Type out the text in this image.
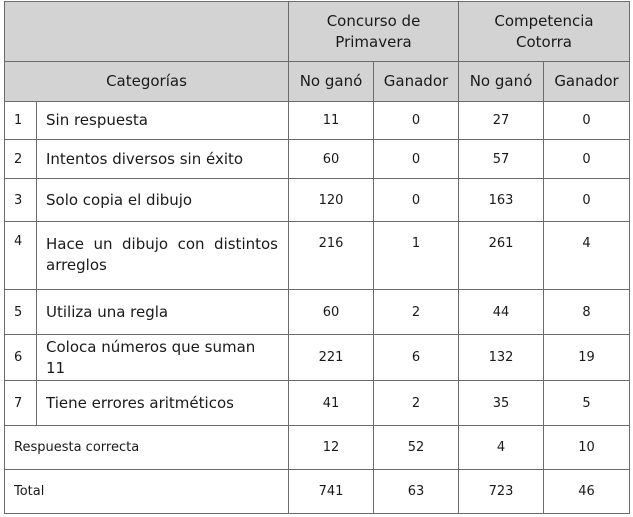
		Concurso de Primavera		Competencia Cotorra	
Categorías		No ganó	Ganador	No ganó	Ganador
1	Sin respuesta	11	0	27	0
2	Intentos diversos sin éxito	60	0	57	0
3	Solo copia el dibujo	120	0	163	0
4	Hace un dibujo con distintos arreglos	216	1	261	4
5	Utiliza una regla	60	2	44	8
6	Coloca números que suman 11	221	6	132	19
7	Tiene errores aritméticos	41	2	35	5
Respuesta correcta		12	52	4	10
Total		741	63	723	46
